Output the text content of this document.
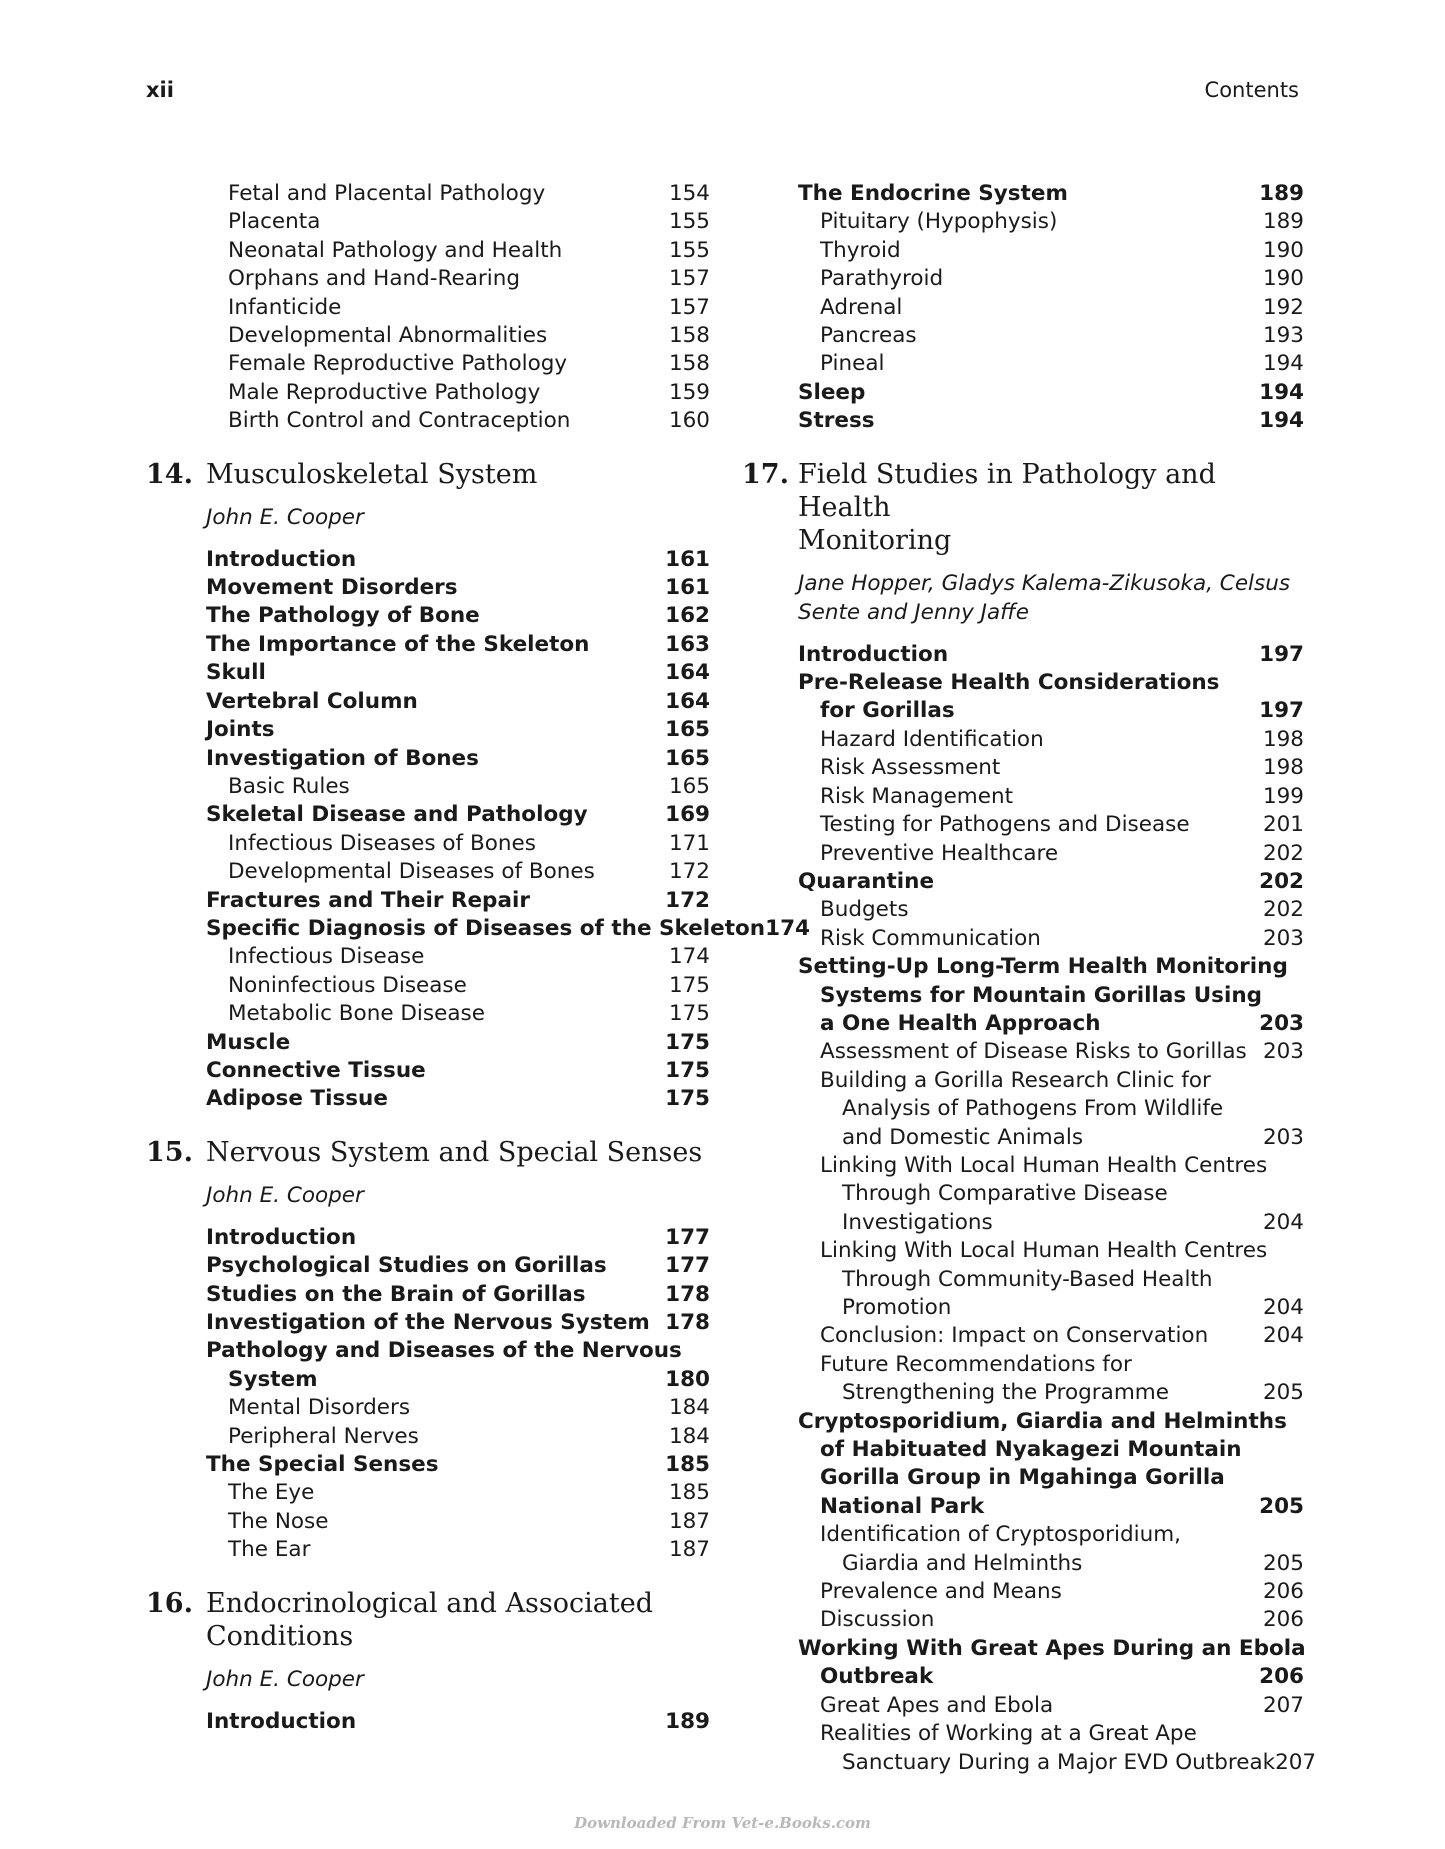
xii	Contents
Fetal and Placental Pathology	154
Placenta	155
Neonatal Pathology and Health	155
Orphans and Hand-Rearing	157
Infanticide	157
Developmental Abnormalities	158
Female Reproductive Pathology	158
Male Reproductive Pathology	159
Birth Control and Contraception	160
14. Musculoskeletal System
John E. Cooper
Introduction	161
Movement Disorders	161
The Pathology of Bone	162
The Importance of the Skeleton	163
Skull	164
Vertebral Column	164
Joints	165
Investigation of Bones	165
Basic Rules	165
Skeletal Disease and Pathology	169
Infectious Diseases of Bones	171
Developmental Diseases of Bones	172
Fractures and Their Repair	172
Specific Diagnosis of Diseases of the Skeleton 174
Infectious Disease	174
Noninfectious Disease	175
Metabolic Bone Disease	175
Muscle	175
Connective Tissue	175
Adipose Tissue	175
15. Nervous System and Special Senses
John E. Cooper
Introduction	177
Psychological Studies on Gorillas	177
Studies on the Brain of Gorillas	178
Investigation of the Nervous System 178
Pathology and Diseases of the Nervous
System	180
Mental Disorders	184
Peripheral Nerves	184
The Special Senses	185
The Eye	185
The Nose	187
The Ear	187
16. Endocrinological and Associated
Conditions
John E. Cooper
Introduction	189
The Endocrine System	189
Pituitary (Hypophysis)	189
Thyroid	190
Parathyroid	190
Adrenal	192
Pancreas	193
Pineal	194
Sleep	194
Stress	194
17. Field Studies in Pathology and Health
Monitoring
Jane Hopper, Gladys Kalema-Zikusoka, Celsus
Sente and Jenny Jaffe
Introduction	197
Pre-Release Health Considerations
for Gorillas	197
Hazard Identification	198
Risk Assessment	198
Risk Management	199
Testing for Pathogens and Disease	201
Preventive Healthcare	202
Quarantine	202
Budgets	202
Risk Communication	203
Setting-Up Long-Term Health Monitoring
Systems for Mountain Gorillas Using
a One Health Approach	203
Assessment of Disease Risks to Gorillas 203
Building a Gorilla Research Clinic for
Analysis of Pathogens From Wildlife
and Domestic Animals	203
Linking With Local Human Health Centres
Through Comparative Disease
Investigations	204
Linking With Local Human Health Centres
Through Community-Based Health
Promotion	204
Conclusion: Impact on Conservation	204
Future Recommendations for
Strengthening the Programme	205
Cryptosporidium, Giardia and Helminths
of Habituated Nyakagezi Mountain
Gorilla Group in Mgahinga Gorilla
National Park	205
Identification of Cryptosporidium,
Giardia and Helminths	205
Prevalence and Means	206
Discussion	206
Working With Great Apes During an Ebola
Outbreak	206
Great Apes and Ebola	207
Realities of Working at a Great Ape
Sanctuary During a Major EVD Outbreak 207
Downloaded From Vet-e.Books.com
